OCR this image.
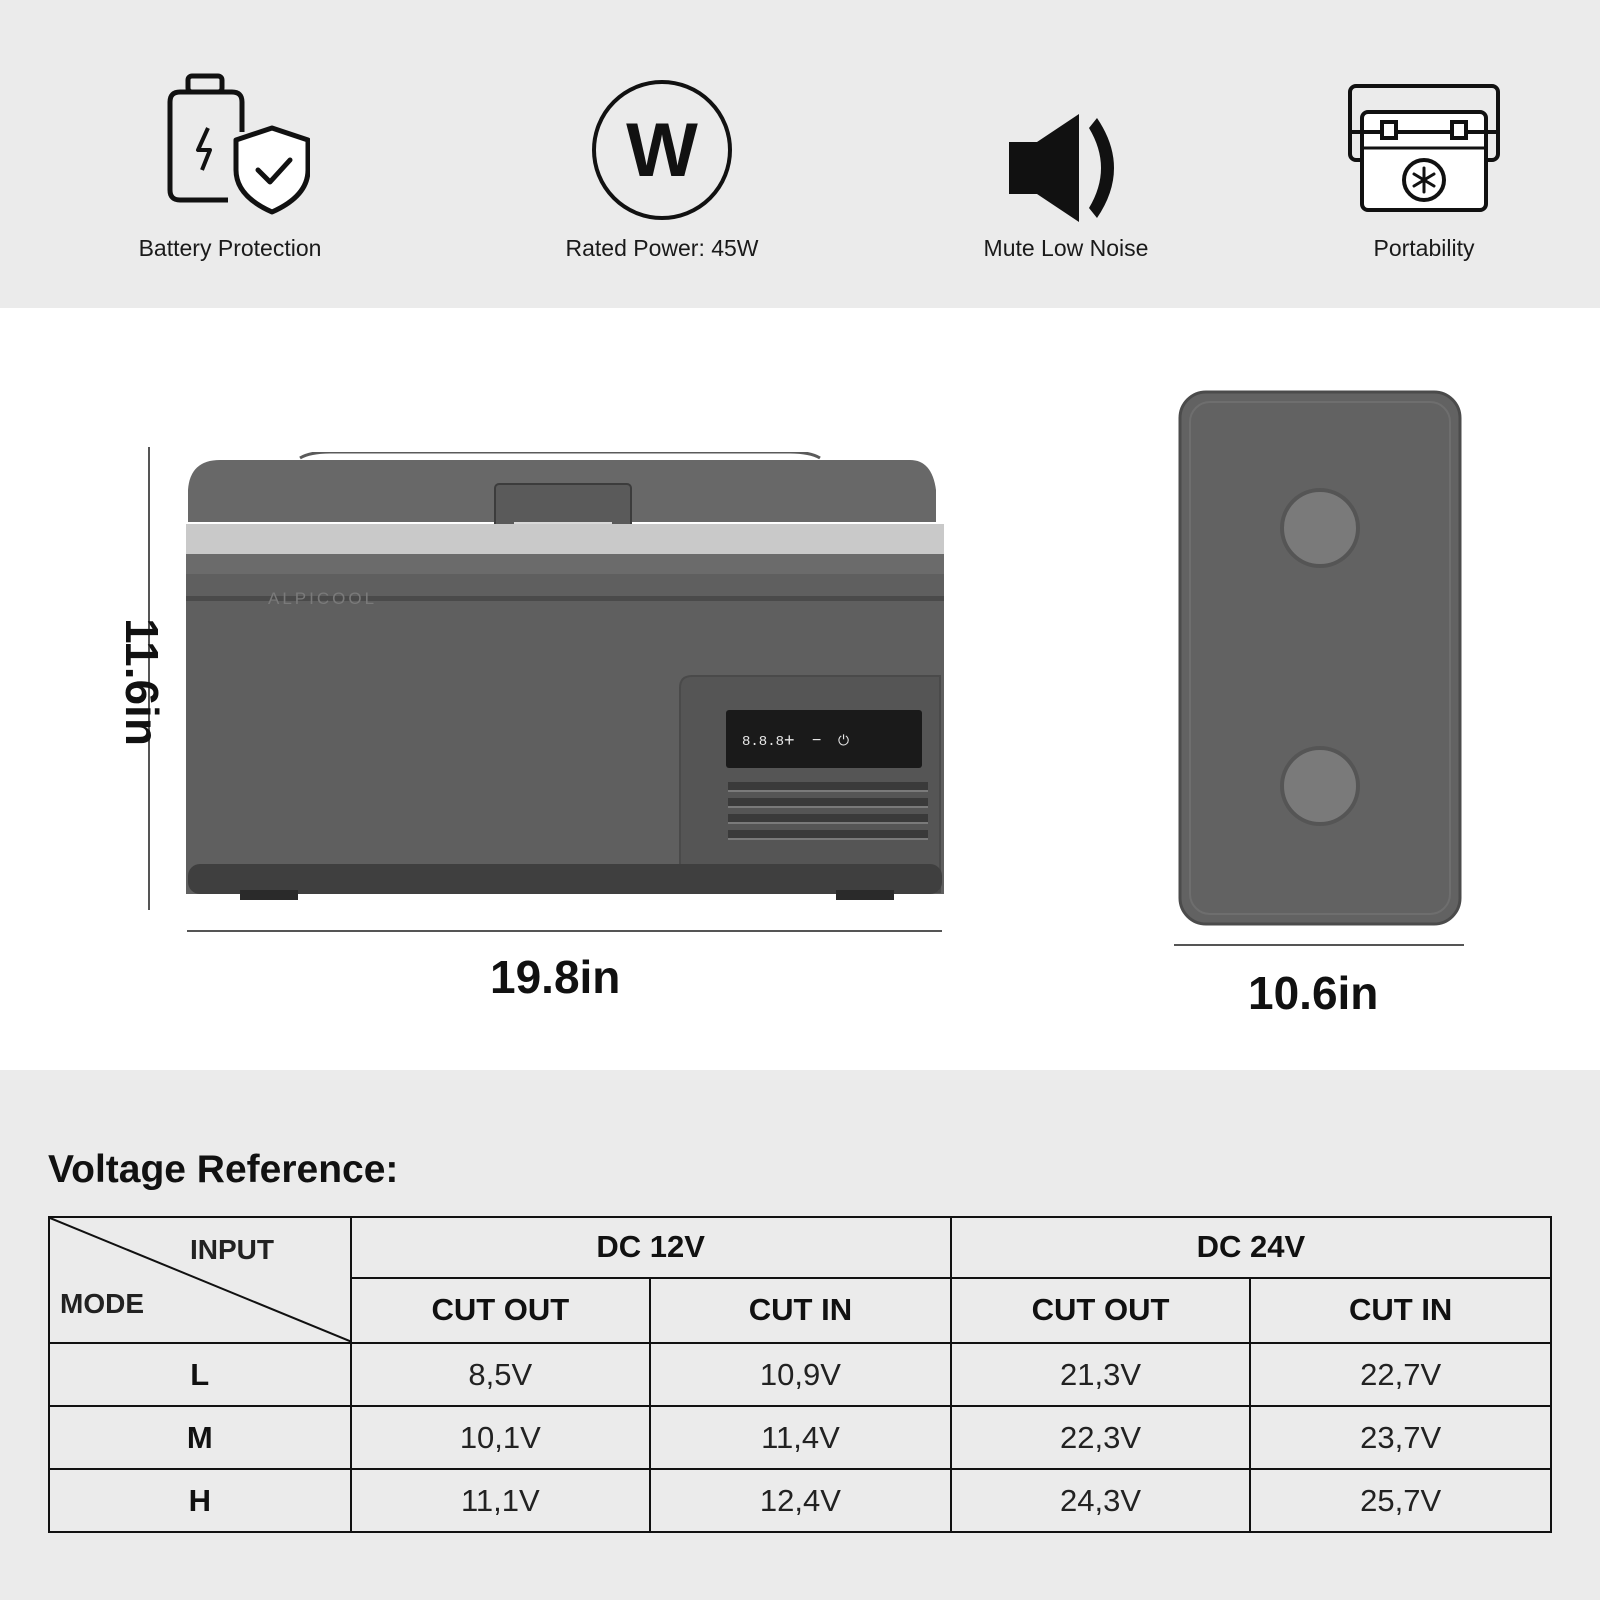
Battery Protection
W
Rated Power: 45W	Mute Low Noise	Portability
ALPICOOL
8.8.8 + − ⏻
11.6in
19.8in	10.6in
Voltage Reference:
INPUT
MODE	DC 12V		DC 24V	
	CUT OUT	CUT IN	CUT OUT	CUT IN
L	8,5V	10,9V	21,3V	22,7V
M	10,1V	11,4V	22,3V	23,7V
H	11,1V	12,4V	24,3V	25,7V
